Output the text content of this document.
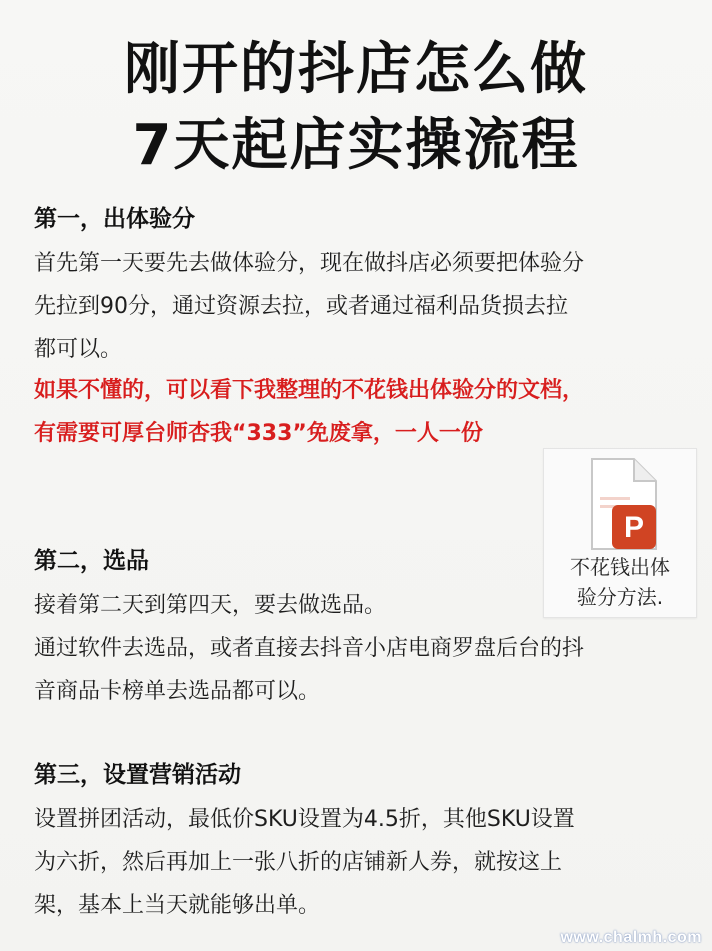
刚开的抖店怎么做
7天起店实操流程
第一，出体验分
首先第一天要先去做体验分，现在做抖店必须要把体验分
先拉到90分，通过资源去拉，或者通过福利品货损去拉
都可以。
如果不懂的，可以看下我整理的不花钱出体验分的文档，
有需要可厚台师杏我“333”免废拿，一人一份
P
不花钱出体
验分方法.
第二，选品
接着第二天到第四天，要去做选品。
通过软件去选品，或者直接去抖音小店电商罗盘后台的抖
音商品卡榜单去选品都可以。
第三，设置营销活动
设置拼团活动，最低价SKU设置为4.5折，其他SKU设置
为六折，然后再加上一张八折的店铺新人券，就按这上
架，基本上当天就能够出单。
www.chalmh.com
